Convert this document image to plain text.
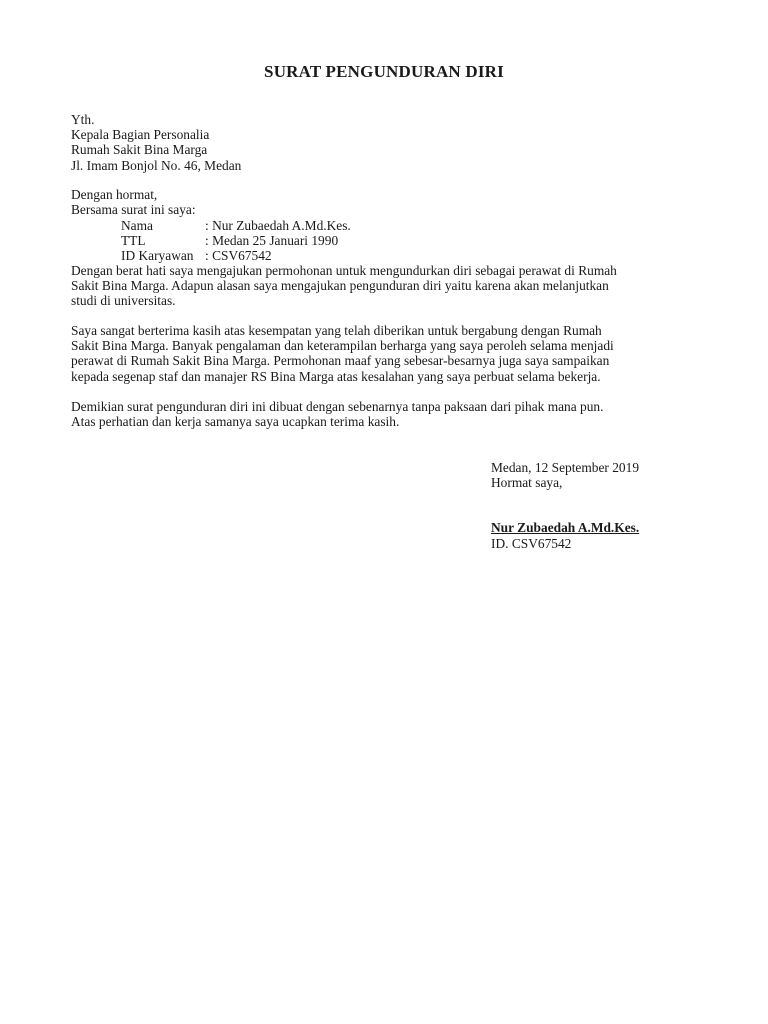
SURAT PENGUNDURAN DIRI
Yth.
Kepala Bagian Personalia
Rumah Sakit Bina Marga
Jl. Imam Bonjol No. 46, Medan
Dengan hormat,
Bersama surat ini saya:
Nama	: Nur Zubaedah A.Md.Kes.
TTL	: Medan 25 Januari 1990
ID Karyawan : CSV67542
Dengan berat hati saya mengajukan permohonan untuk mengundurkan diri sebagai perawat di Rumah
Sakit Bina Marga. Adapun alasan saya mengajukan pengunduran diri yaitu karena akan melanjutkan
studi di universitas.
Saya sangat berterima kasih atas kesempatan yang telah diberikan untuk bergabung dengan Rumah
Sakit Bina Marga. Banyak pengalaman dan keterampilan berharga yang saya peroleh selama menjadi
perawat di Rumah Sakit Bina Marga. Permohonan maaf yang sebesar-besarnya juga saya sampaikan
kepada segenap staf dan manajer RS Bina Marga atas kesalahan yang saya perbuat selama bekerja.
Demikian surat pengunduran diri ini dibuat dengan sebenarnya tanpa paksaan dari pihak mana pun.
Atas perhatian dan kerja samanya saya ucapkan terima kasih.
Medan, 12 September 2019
Hormat saya,
Nur Zubaedah A.Md.Kes.
ID. CSV67542
